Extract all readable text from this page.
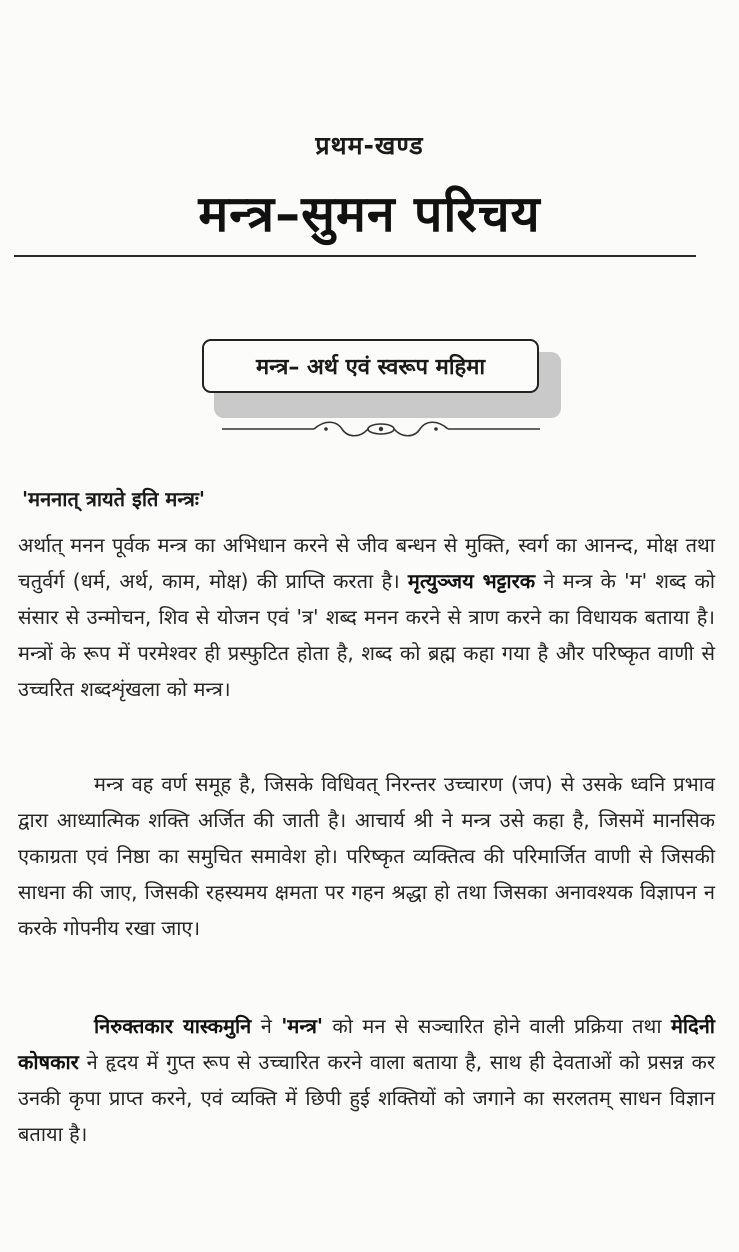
प्रथम-खण्ड
मन्त्र–सुमन परिचय
मन्त्र– अर्थ एवं स्वरूप महिमा
'मननात् त्रायते इति मन्त्रः'

अर्थात् मनन पूर्वक मन्त्र का अभिधान करने से जीव बन्धन से मुक्ति, स्वर्ग का आनन्द, मोक्ष तथा चतुर्वर्ग (धर्म, अर्थ, काम, मोक्ष) की प्राप्ति करता है। मृत्युञ्जय भट्टारक ने मन्त्र के 'म' शब्द को संसार से उन्मोचन, शिव से योजन एवं 'त्र' शब्द मनन करने से त्राण करने का विधायक बताया है। मन्त्रों के रूप में परमेश्वर ही प्रस्फुटित होता है, शब्द को ब्रह्म कहा गया है और परिष्कृत वाणी से उच्चरित शब्दशृंखला को मन्त्र।

मन्त्र वह वर्ण समूह है, जिसके विधिवत् निरन्तर उच्चारण (जप) से उसके ध्वनि प्रभाव द्वारा आध्यात्मिक शक्ति अर्जित की जाती है। आचार्य श्री ने मन्त्र उसे कहा है, जिसमें मानसिक एकाग्रता एवं निष्ठा का समुचित समावेश हो। परिष्कृत व्यक्तित्व की परिमार्जित वाणी से जिसकी साधना की जाए, जिसकी रहस्यमय क्षमता पर गहन श्रद्धा हो तथा जिसका अनावश्यक विज्ञापन न करके गोपनीय रखा जाए।

निरुक्तकार यास्कमुनि ने 'मन्त्र' को मन से सञ्चारित होने वाली प्रक्रिया तथा मेदिनी कोषकार ने हृदय में गुप्त रूप से उच्चारित करने वाला बताया है, साथ ही देवताओं को प्रसन्न कर उनकी कृपा प्राप्त करने, एवं व्यक्ति में छिपी हुई शक्तियों को जगाने का सरलतम् साधन विज्ञान बताया है।
